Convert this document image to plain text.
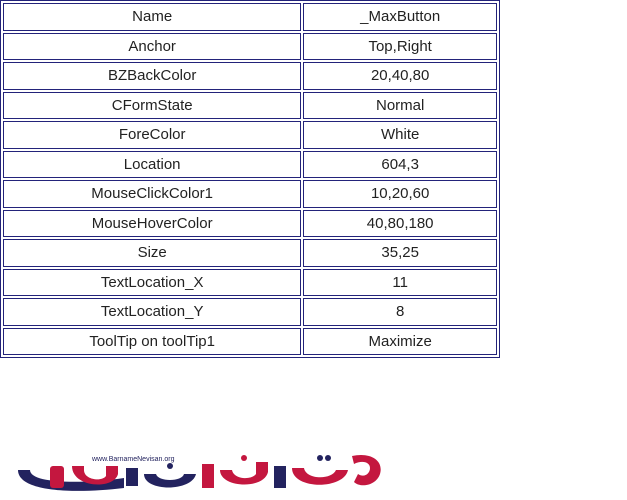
Name	_MaxButton
Anchor	Top,Right
BZBackColor	20,40,80
CFormState	Normal
ForeColor	White
Location	604,3
MouseClickColor1	10,20,60
MouseHoverColor	40,80,180
Size	35,25
TextLocation_X	11
TextLocation_Y	8
ToolTip on toolTip1	Maximize
www.BarnameNevisan.org
